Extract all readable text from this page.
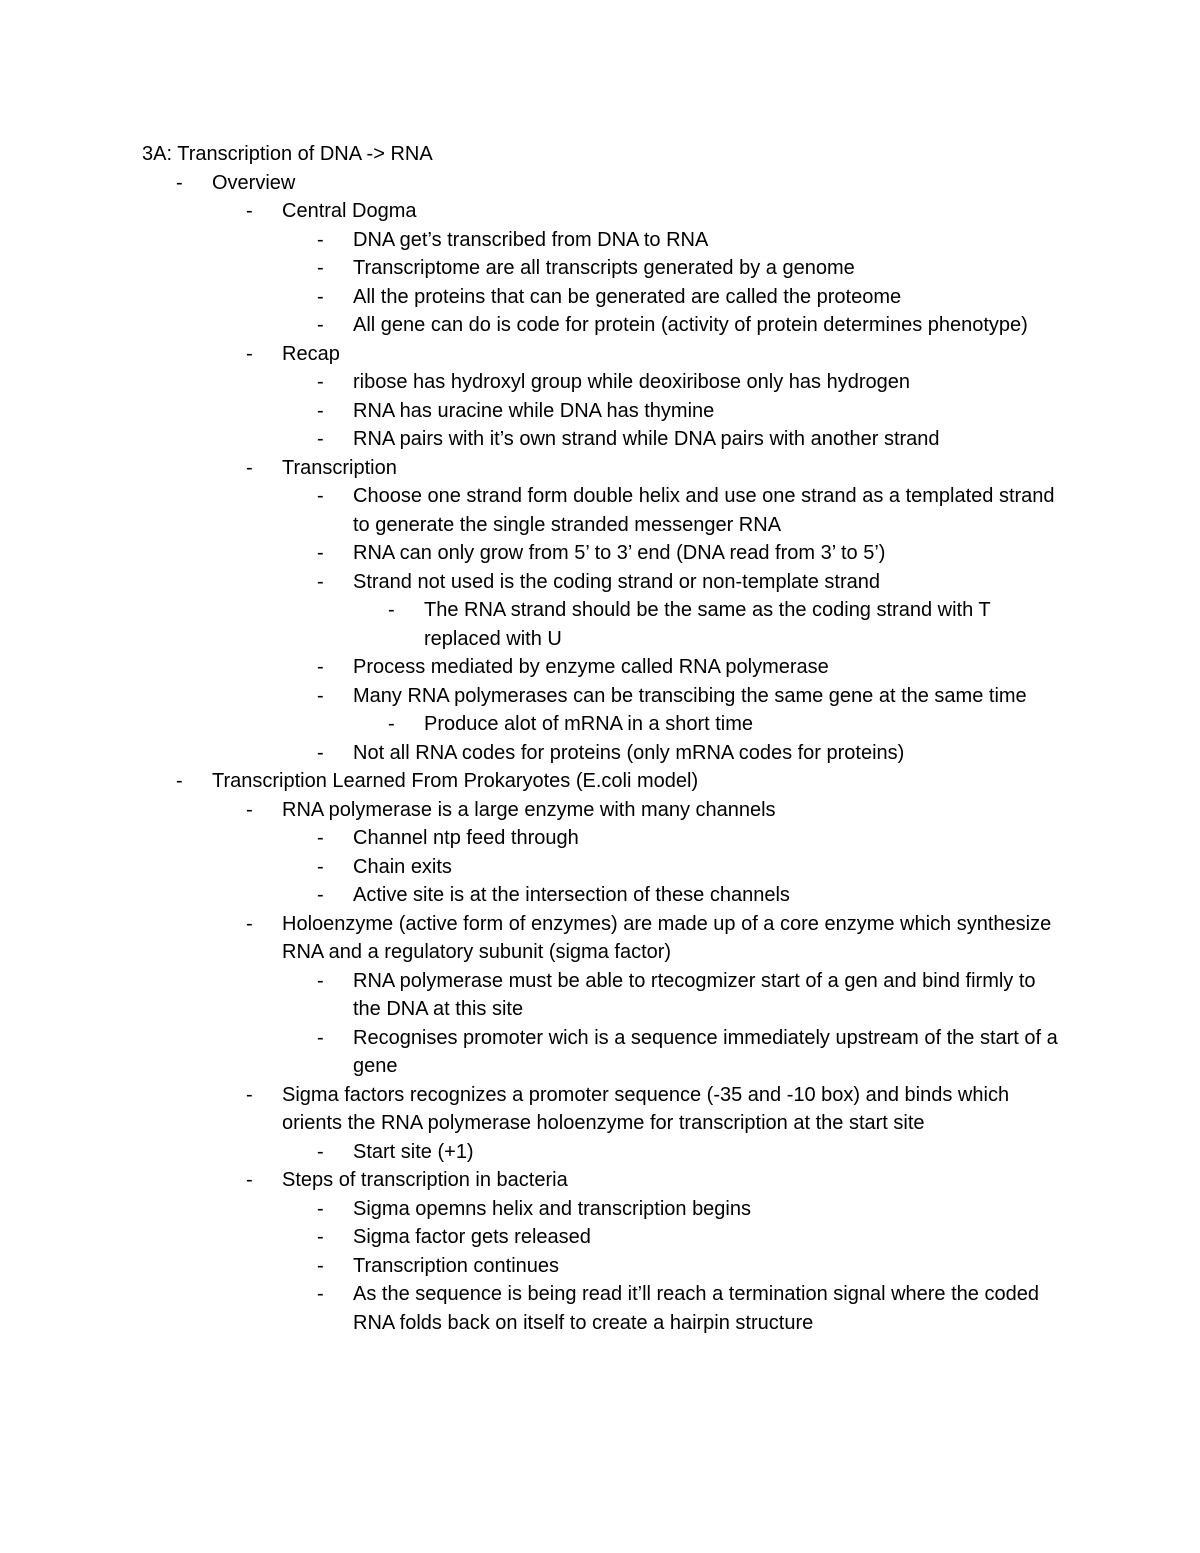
3A: Transcription of DNA -> RNA
-	Overview
-	Central Dogma
-	DNA get’s transcribed from DNA to RNA
-	Transcriptome are all transcripts generated by a genome
-	All the proteins that can be generated are called the proteome
-	All gene can do is code for protein (activity of protein determines phenotype)
-	Recap
-	ribose has hydroxyl group while deoxiribose only has hydrogen
-	RNA has uracine while DNA has thymine
-	RNA pairs with it’s own strand while DNA pairs with another strand
-	Transcription
-	Choose one strand form double helix and use one strand as a templated strand to generate the single stranded messenger RNA
-	RNA can only grow from 5’ to 3’ end (DNA read from 3’ to 5’)
-	Strand not used is the coding strand or non-template strand
-	The RNA strand should be the same as the coding strand with T replaced with U
-	Process mediated by enzyme called RNA polymerase
-	Many RNA polymerases can be transcibing the same gene at the same time
-	Produce alot of mRNA in a short time
-	Not all RNA codes for proteins (only mRNA codes for proteins)
-	Transcription Learned From Prokaryotes (E.coli model)
-	RNA polymerase is a large enzyme with many channels
-	Channel ntp feed through
-	Chain exits
-	Active site is at the intersection of these channels
-	Holoenzyme (active form of enzymes) are made up of a core enzyme which synthesize RNA and a regulatory subunit (sigma factor)
-	RNA polymerase must be able to rtecogmizer start of a gen and bind firmly to the DNA at this site
-	Recognises promoter wich is a sequence immediately upstream of the start of a gene
-	Sigma factors recognizes a promoter sequence (-35 and -10 box) and binds which orients the RNA polymerase holoenzyme for transcription at the start site
-	Start site (+1)
-	Steps of transcription in bacteria
-	Sigma opemns helix and transcription begins
-	Sigma factor gets released
-	Transcription continues
-	As the sequence is being read it’ll reach a termination signal where the coded RNA folds back on itself to create a hairpin structure
